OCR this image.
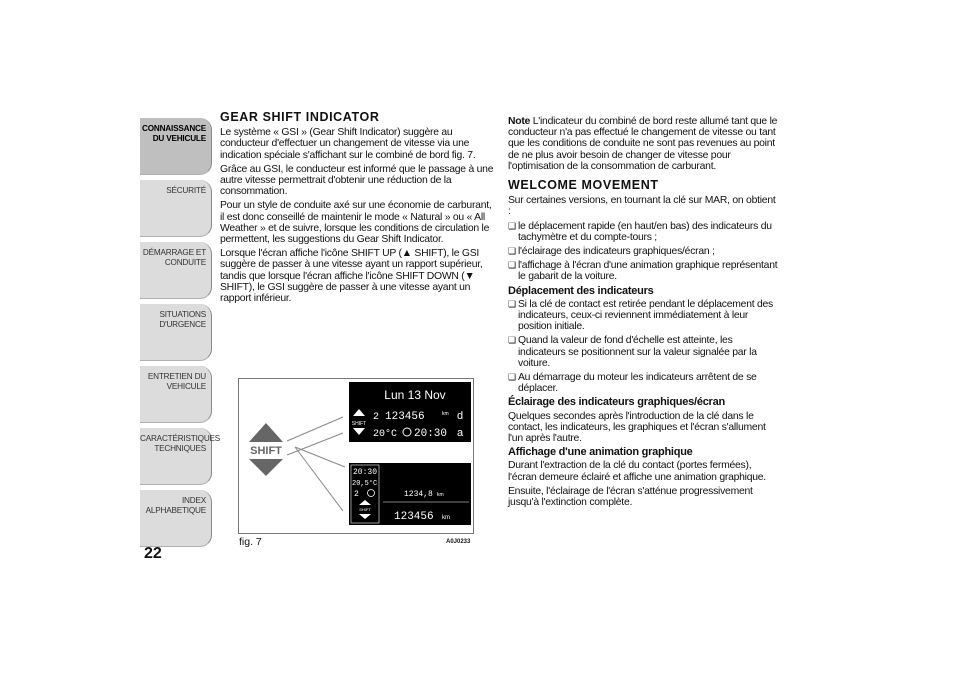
CONNAISSANCE
DU VEHICULE
SÉCURITÉ
DÉMARRAGE ET
CONDUITE
SITUATIONS
D'URGENCE
ENTRETIEN DU
VEHICULE
CARACTÉRISTIQUES
TECHNIQUES
INDEX
ALPHABETIQUE
22
GEAR SHIFT INDICATOR

Le système « GSI » (Gear Shift Indicator) suggère au conducteur d'effectuer un changement de vitesse via une indication spéciale s'affichant sur le combiné de bord fig. 7.

Grâce au GSI, le conducteur est informé que le passage à une autre vitesse permettrait d'obtenir une réduction de la consommation.

Pour un style de conduite axé sur une économie de carburant, il est donc conseillé de maintenir le mode « Natural » ou « All Weather » et de suivre, lorsque les conditions de circulation le permettent, les suggestions du Gear Shift Indicator.

Lorsque l'écran affiche l'icône SHIFT UP (▲ SHIFT), le GSI suggère de passer à une vitesse ayant un rapport supérieur, tandis que lorsque l'écran affiche l'icône SHIFT DOWN (▼ SHIFT), le GSI suggère de passer à une vitesse ayant un rapport inférieur.

SHIFT
Lun 13 Nov
SHIFT
2 123456	km d
20°C 20:30 a
20:30
20,5°C
2
SHIFT
1234,8 km
123456 km
fig. 7	A0J0233

Note L'indicateur du combiné de bord reste allumé tant que le conducteur n'a pas effectué le changement de vitesse ou tant que les conditions de conduite ne sont pas revenues au point de ne plus avoir besoin de changer de vitesse pour l'optimisation de la consommation de carburant.

WELCOME MOVEMENT

Sur certaines versions, en tournant la clé sur MAR, on obtient :

❏ le déplacement rapide (en haut/en bas) des indicateurs du tachymètre et du compte-tours ;
❏ l'éclairage des indicateurs graphiques/écran ;
❏ l'affichage à l'écran d'une animation graphique représentant le gabarit de la voiture.
Déplacement des indicateurs
❏ Si la clé de contact est retirée pendant le déplacement des indicateurs, ceux-ci reviennent immédiatement à leur position initiale.
❏ Quand la valeur de fond d'échelle est atteinte, les indicateurs se positionnent sur la valeur signalée par la voiture.
❏ Au démarrage du moteur les indicateurs arrêtent de se déplacer.
Éclairage des indicateurs graphiques/écran

Quelques secondes après l'introduction de la clé dans le contact, les indicateurs, les graphiques et l'écran s'allument l'un après l'autre.

Affichage d'une animation graphique

Durant l'extraction de la clé du contact (portes fermées), l'écran demeure éclairé et affiche une animation graphique.

Ensuite, l'éclairage de l'écran s'atténue progressivement jusqu'à l'extinction complète.
